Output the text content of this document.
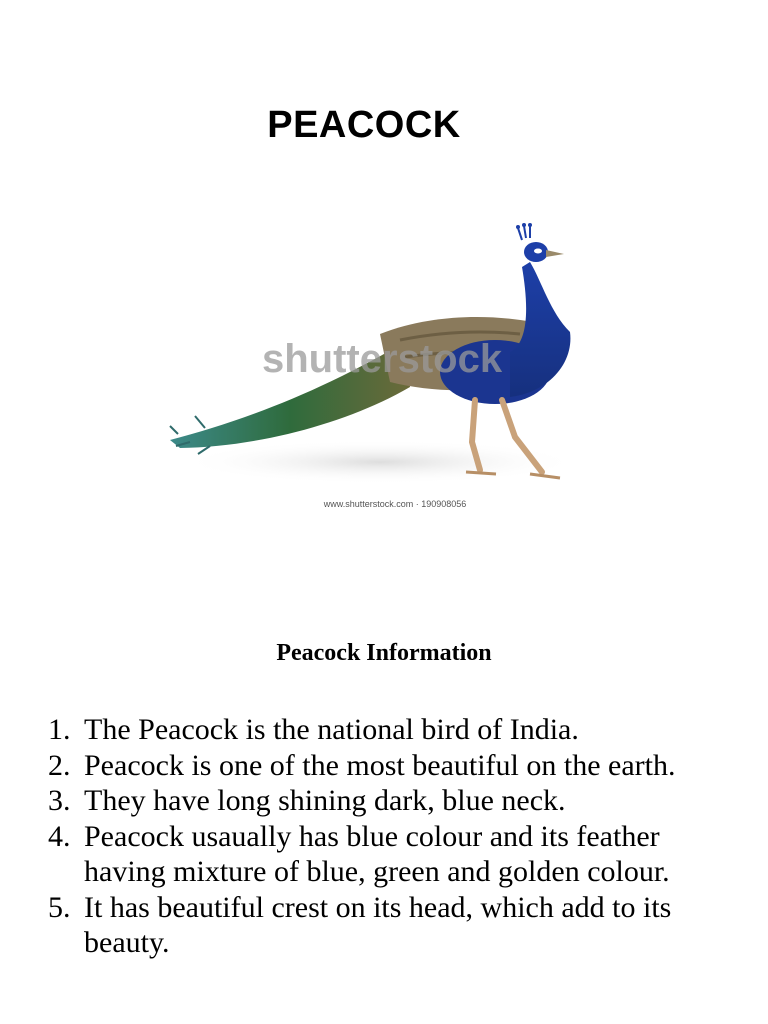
PEACOCK
shutterstock
www.shutterstock.com · 190908056
Peacock Information
1. The Peacock is the national bird of India.
2. Peacock is one of the most beautiful on the earth.
3. They have long shining dark, blue neck.
4. Peacock usaually has blue colour and its feather having mixture of blue, green and golden colour.
5. It has beautiful crest on its head, which add to its beauty.
